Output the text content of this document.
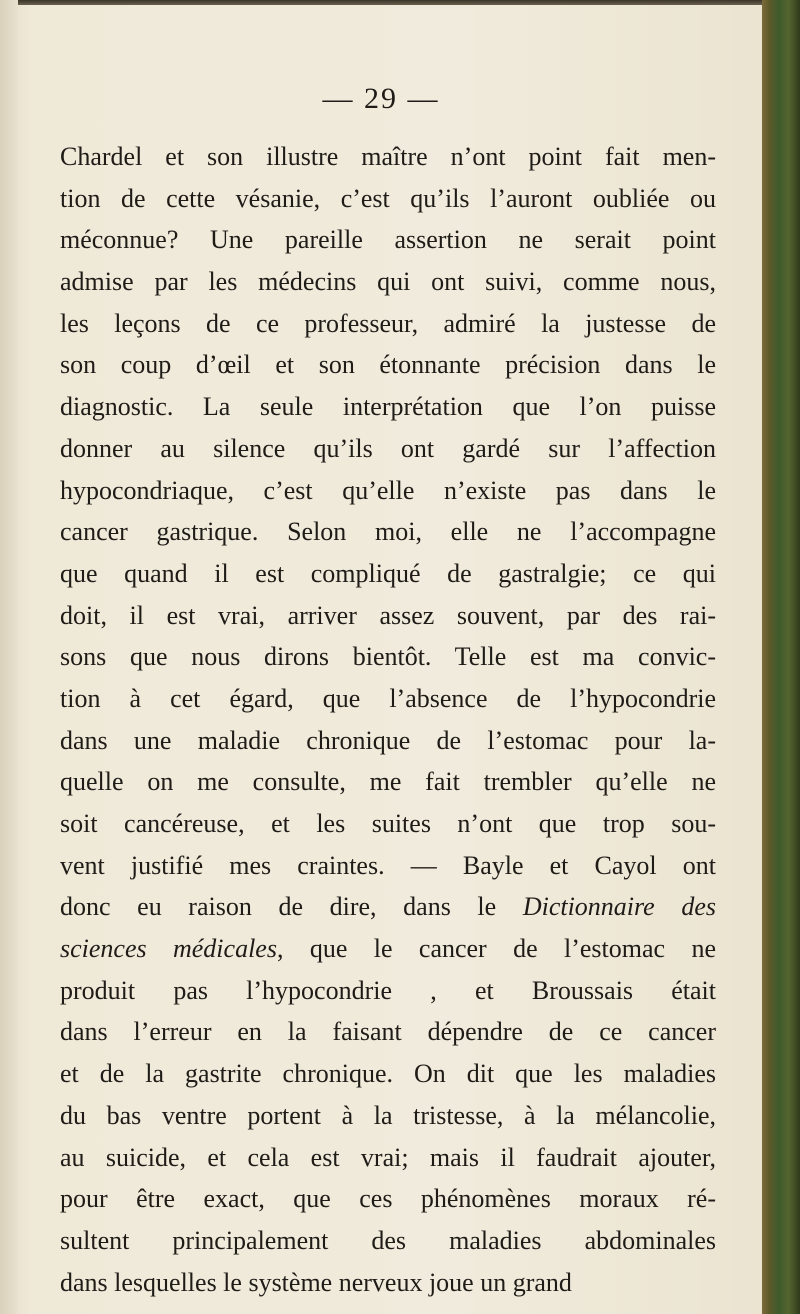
— 29 —
Chardel et son illustre maître n’ont point fait men-
tion de cette vésanie, c’est qu’ils l’auront oubliée ou
méconnue? Une pareille assertion ne serait point
admise par les médecins qui ont suivi, comme nous,
les leçons de ce professeur, admiré la justesse de
son coup d’œil et son étonnante précision dans le
diagnostic. La seule interprétation que l’on puisse
donner au silence qu’ils ont gardé sur l’affection
hypocondriaque, c’est qu’elle n’existe pas dans le
cancer gastrique. Selon moi, elle ne l’accompagne
que quand il est compliqué de gastralgie; ce qui
doit, il est vrai, arriver assez souvent, par des rai-
sons que nous dirons bientôt. Telle est ma convic-
tion à cet égard, que l’absence de l’hypocondrie
dans une maladie chronique de l’estomac pour la-
quelle on me consulte, me fait trembler qu’elle ne
soit cancéreuse, et les suites n’ont que trop sou-
vent justifié mes craintes. — Bayle et Cayol ont
donc eu raison de dire, dans le Dictionnaire des
sciences médicales, que le cancer de l’estomac ne
produit pas l’hypocondrie , et Broussais était
dans l’erreur en la faisant dépendre de ce cancer
et de la gastrite chronique. On dit que les maladies
du bas ventre portent à la tristesse, à la mélancolie,
au suicide, et cela est vrai; mais il faudrait ajouter,
pour être exact, que ces phénomènes moraux ré-
sultent principalement des maladies abdominales
dans lesquelles le système nerveux joue un grand
